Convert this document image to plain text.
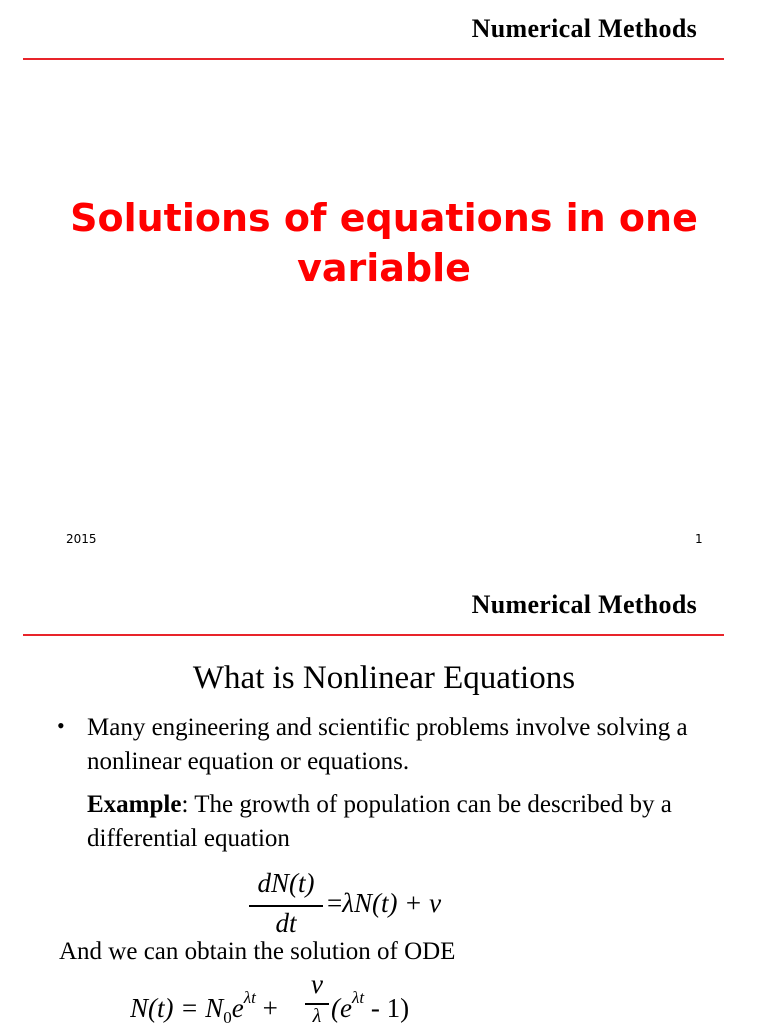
Numerical Methods
Solutions of equations in one variable
2015	1
Numerical Methods
What is Nonlinear Equations
• Many engineering and scientific problems involve solving a nonlinear equation or equations.
Example: The growth of population can be described by a differential equation
dN(t)
dt
=λN(t) + v
And we can obtain the solution of ODE
$N(t) = N_0e^{\lambda t}$ +
v
λ $(e^{\lambda t} - 1)$
